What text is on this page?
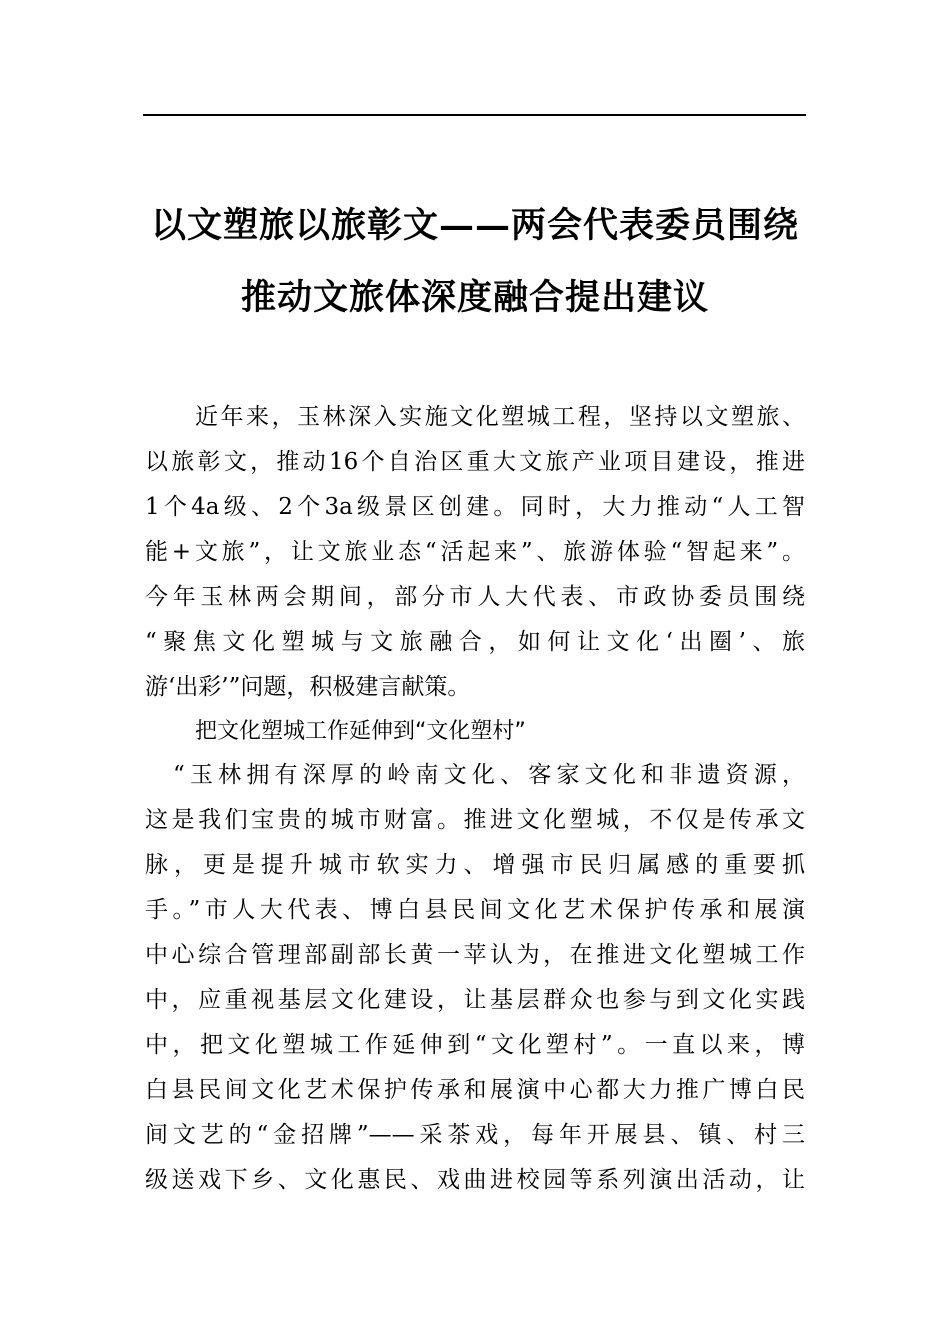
以文塑旅以旅彰文——两会代表委员围绕
推动文旅体深度融合提出建议
近年来，玉林深入实施文化塑城工程，坚持以文塑旅、
以旅彰文，推动16个自治区重大文旅产业项目建设，推进
1个4a级、2个3a级景区创建。同时，大力推动“人工智
能+文旅”，让文旅业态“活起来”、旅游体验“智起来”。
今年玉林两会期间，部分市人大代表、市政协委员围绕
“聚焦文化塑城与文旅融合，如何让文化‘出圈’、旅
游‘出彩’”问题，积极建言献策。
把文化塑城工作延伸到“文化塑村”
“玉林拥有深厚的岭南文化、客家文化和非遗资源，
这是我们宝贵的城市财富。推进文化塑城，不仅是传承文
脉，更是提升城市软实力、增强市民归属感的重要抓
手。”市人大代表、博白县民间文化艺术保护传承和展演
中心综合管理部副部长黄一苹认为，在推进文化塑城工作
中，应重视基层文化建设，让基层群众也参与到文化实践
中，把文化塑城工作延伸到“文化塑村”。一直以来，博
白县民间文化艺术保护传承和展演中心都大力推广博白民
间文艺的“金招牌”——采茶戏，每年开展县、镇、村三
级送戏下乡、文化惠民、戏曲进校园等系列演出活动，让
